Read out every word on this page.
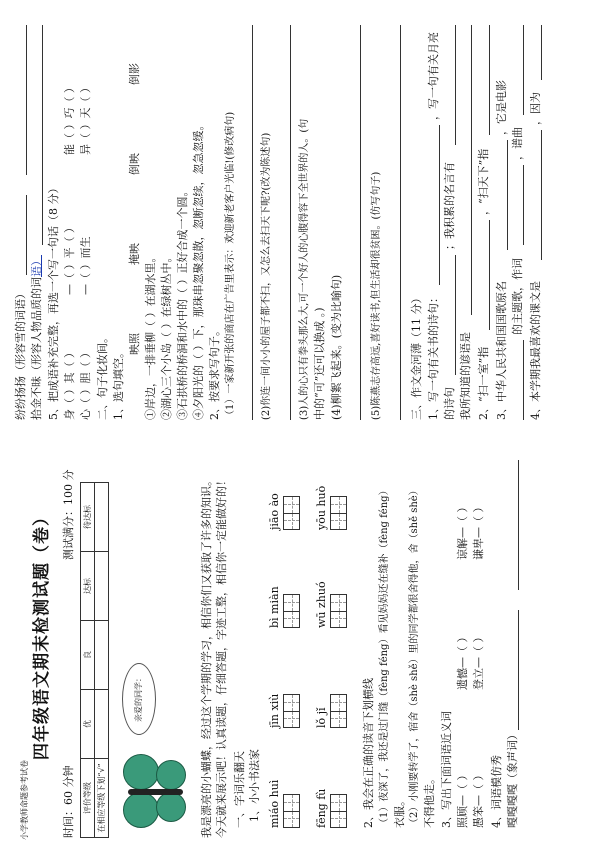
小学教师命题参考试卷
四年级语文期末检测试题（卷）
时间：60 分钟
测试满分：100 分
评价等级	优	良	达标	待达标
在相应等级下划“√”				
亲爱的同学：	我是漂亮的小蝴蝶，经过这个学期的学习，相信你们又获取了许多的知识。 今天就来展示吧！认真读题，仔细答题，字迹工整，相信你一定能做好的！ 一、字词乐翻天 1、小小书法家 miáo huì
jīn xiù
bì miàn
jiāo ào
fēng fù
lǒ jǐ
wū zhuó
yōu huò
2、我会在正确的读音下划横线 （1）夜深了，我还是过门缝（fèng féng）看见妈妈还在缝补（fèng féng） 衣服。 （2）小刚要转学了，宿舍（shè shě）里的同学都很舍得他，舍（shě shè） 不得他走。 3、写出下面词语近义词 照顾—（ ） 愚笨—（ ）
遗憾—（ ） 登立—（ ）
谅解—（ ） 谦卑—（ ）
4、词语模仿秀 嘎嘎嘎嘎（象声词）
纷纷扬扬（形容雪的词语） 拾金不昧（形容人物品质的词语） 5、把成语补充完整，再选一个写一句话（8 分） 身（ ）其（ ）
—（ ）平（ ）
能（ ）巧（ ）
心（ ）胆（ ）
—（ ）而生
异（ ）天（ ）
二、句子化妆间。 1、选句填空。
映照
掩映
倒映
倒影
①岸边，一排垂柳（ ）在湖水里。 ②湖心三个小岛（ ）在绿树丛中。 ③石拱桥的桥洞和水中的（ ）正好合成一个圆。 ④夕阳光的（ ）下，那珠串忽聚忽散，忽断忽续，忽急忽缓。 2、按要求写句子。 （1）一家新开张的商店在广告里表示：欢迎新老客户光临!(修改病句)	(2)你连一间小小的屋子都不扫，又怎么去扫天下呢?(改为陈述句)	(3)人的心只有拳头那么大,可一个好人的心腹得容下全世界的人。(句 中的“可”还可以换成 。) (4)柳絮飞起来。(变为比喻句)	(5)陈燕志存高远,喜好读书,但生活却很贫困。(仿写句子)	三、作文金河薄（11 分） 1、写一句有关书的诗句：
，写一句有关月亮
的诗句
；我积累的名言有
我所知道的谚语是 2、“扫一室”指
，“扫天下”指
3、中华人民共和国国歌原名
，它是电影
的主题歌，作词
，谱曲
4、本学期我最喜欢的课文是
，因为
